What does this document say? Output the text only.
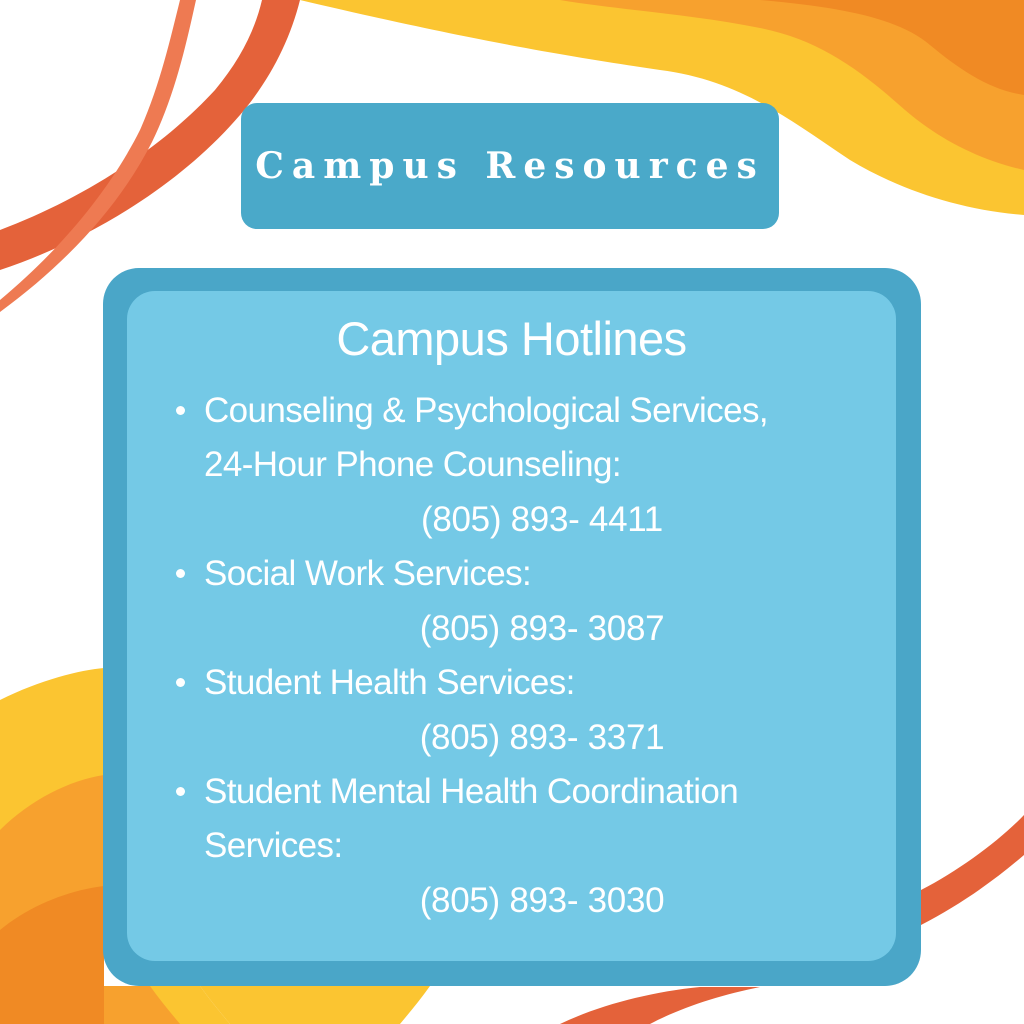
Campus Resources
Campus Hotlines
Counseling & Psychological Services,
24-Hour Phone Counseling:
(805) 893- 4411
Social Work Services:
(805) 893- 3087
Student Health Services:
(805) 893- 3371
Student Mental Health Coordination
Services:
(805) 893- 3030
